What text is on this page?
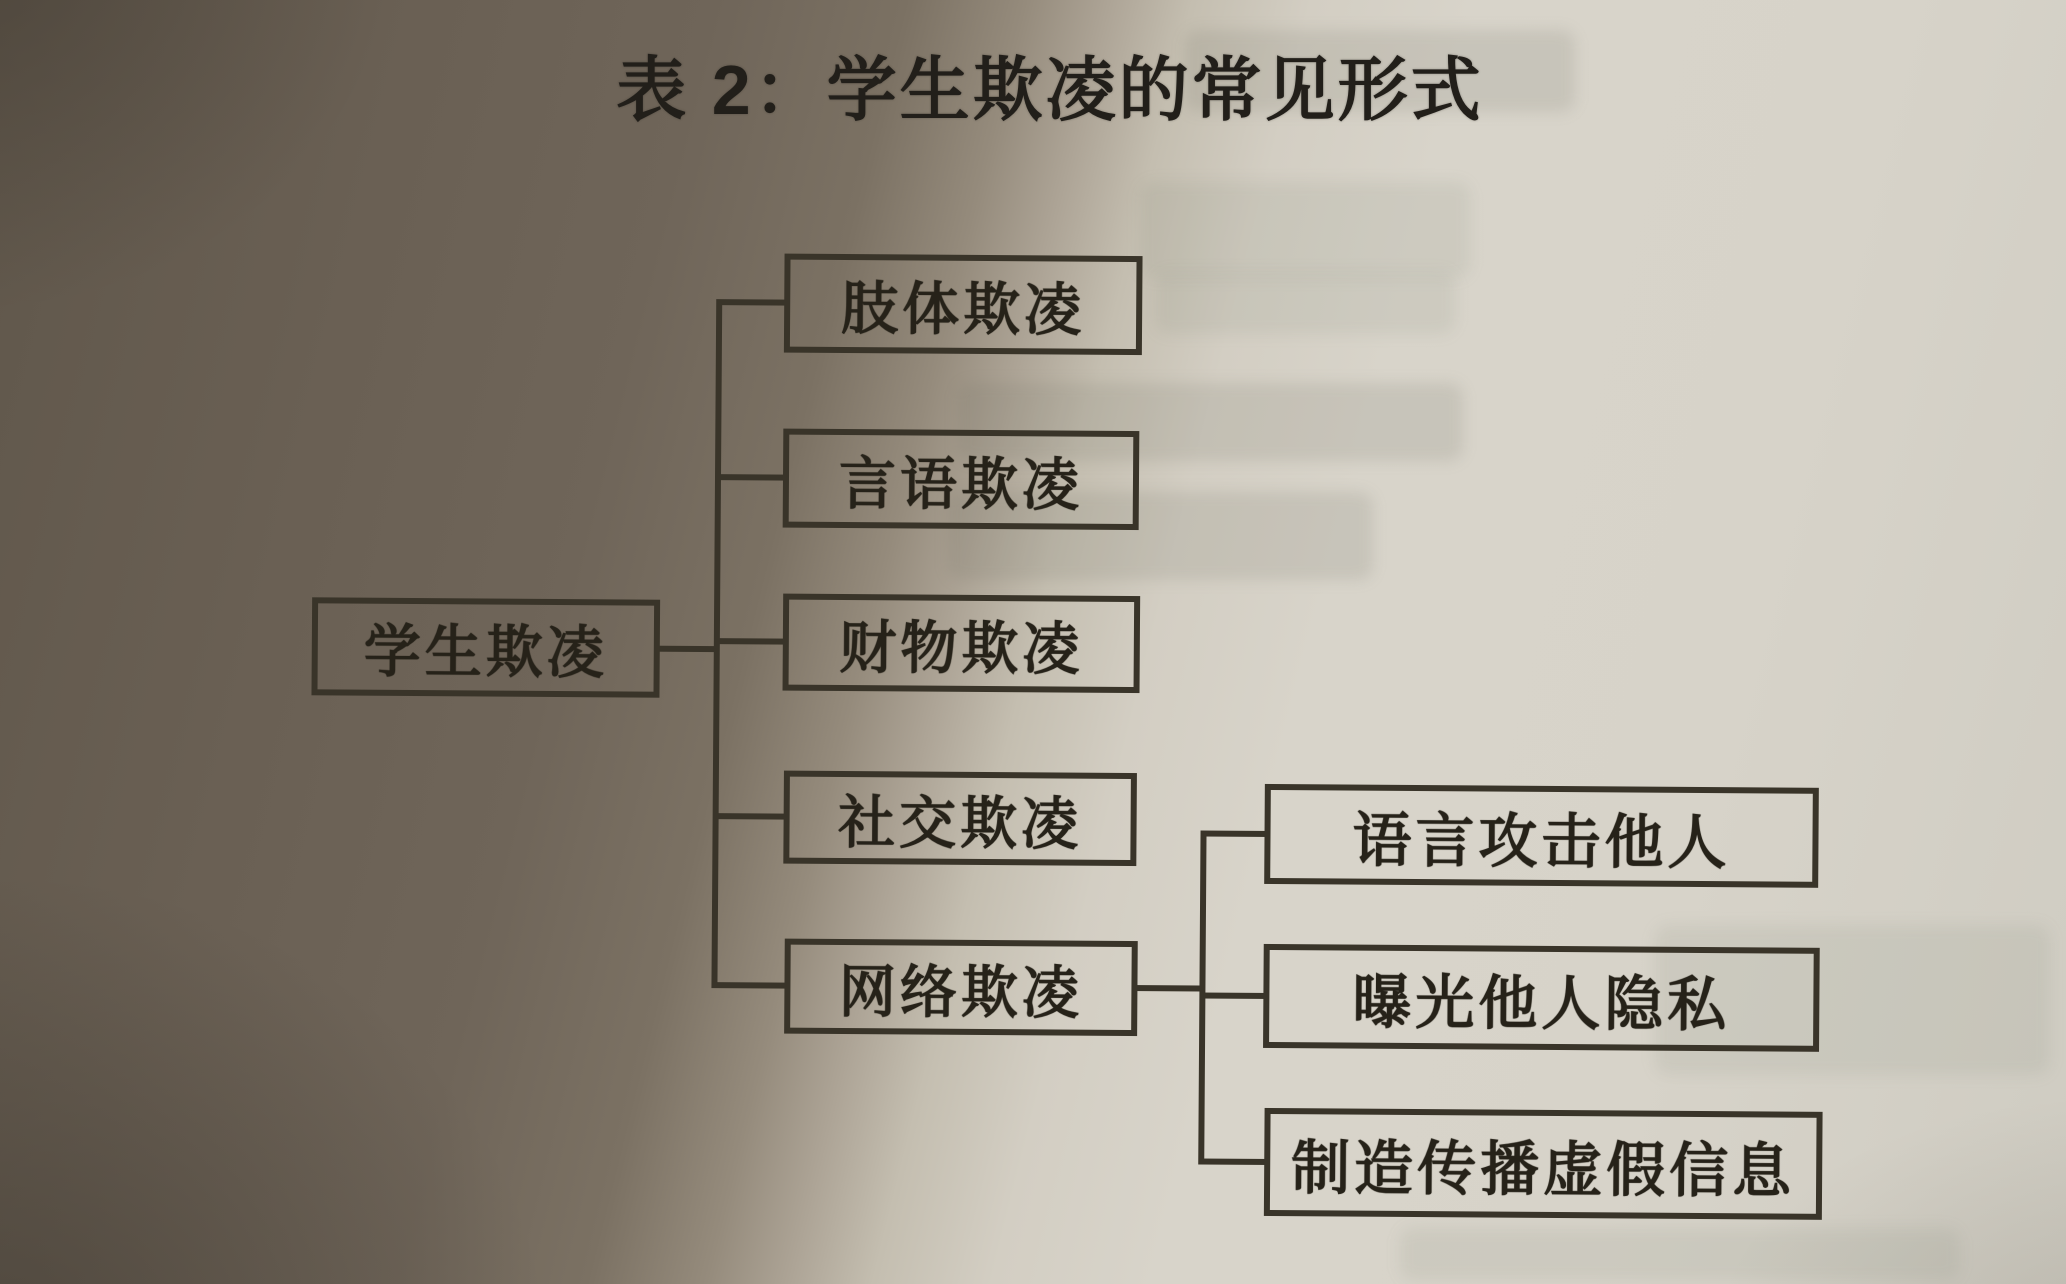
表 2：学生欺凌的常见形式
学生欺凌
肢体欺凌
言语欺凌
财物欺凌
社交欺凌
网络欺凌
语言攻击他人
曝光他人隐私
制造传播虚假信息
